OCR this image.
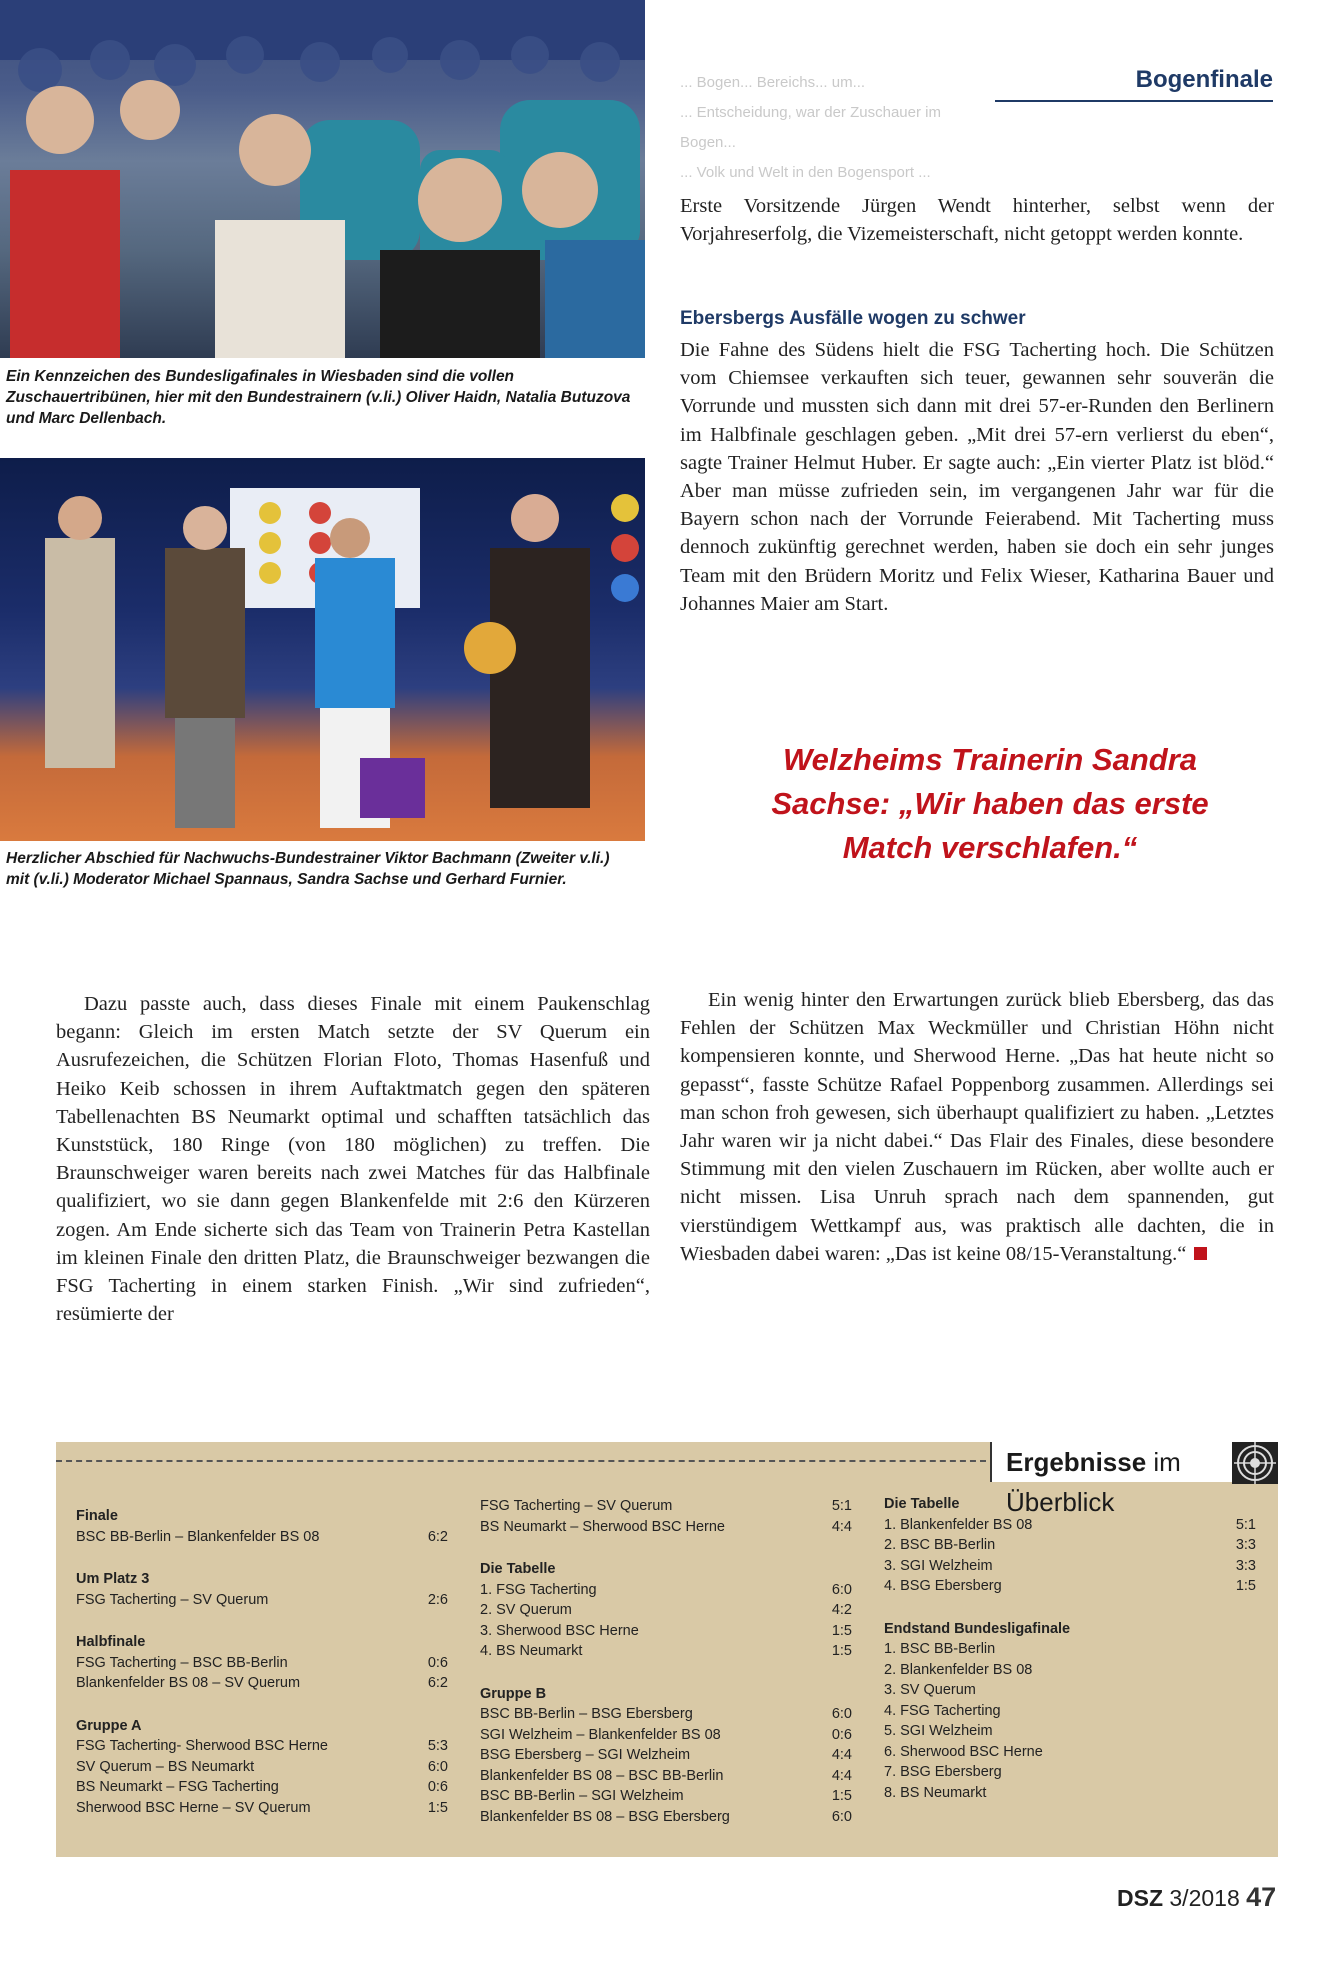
Ein Kennzeichen des Bundesligafinales in Wiesbaden sind die vollen Zuschauertribünen, hier mit den Bundestrainern (v.li.) Oliver Haidn, Natalia Butuzova und Marc Dellenbach.
Herzlicher Abschied für Nachwuchs-Bundestrainer Viktor Bachmann (Zweiter v.li.) mit (v.li.) Moderator Michael Spannaus, Sandra Sachse und Gerhard Furnier.
... Bogen... Bereichs... um...
... Entscheidung, war der Zuschauer im Bogen...
... Volk und Welt in den Bogensport ...
Bogenfinale

Erste Vorsitzende Jürgen Wendt hinterher, selbst wenn der Vorjahreserfolg, die Vizemeisterschaft, nicht getoppt werden konnte.

Ebersbergs Ausfälle wogen zu schwer

Die Fahne des Südens hielt die FSG Tacherting hoch. Die Schützen vom Chiemsee verkauften sich teuer, gewannen sehr souverän die Vorrunde und mussten sich dann mit drei 57-er-Runden den Berlinern im Halbfinale geschlagen geben. „Mit drei 57-ern verlierst du eben“, sagte Trainer Helmut Huber. Er sagte auch: „Ein vierter Platz ist blöd.“ Aber man müsse zufrieden sein, im vergangenen Jahr war für die Bayern schon nach der Vorrunde Feierabend. Mit Tacherting muss dennoch zukünftig gerechnet werden, haben sie doch ein sehr junges Team mit den Brüdern Moritz und Felix Wieser, Katharina Bauer und Johannes Maier am Start.

Welzheims Trainerin Sandra Sachse: „Wir haben das erste Match verschlafen.“

Dazu passte auch, dass dieses Finale mit einem Paukenschlag begann: Gleich im ersten Match setzte der SV Querum ein Ausrufezeichen, die Schützen Florian Floto, Thomas Hasenfuß und Heiko Keib schossen in ihrem Auftaktmatch gegen den späteren Tabellenachten BS Neumarkt optimal und schafften tatsächlich das Kunststück, 180 Ringe (von 180 möglichen) zu treffen. Die Braunschweiger waren bereits nach zwei Matches für das Halbfinale qualifiziert, wo sie dann gegen Blankenfelde mit 2:6 den Kürzeren zogen. Am Ende sicherte sich das Team von Trainerin Petra Kastellan im kleinen Finale den dritten Platz, die Braunschweiger bezwangen die FSG Tacherting in einem starken Finish. „Wir sind zufrieden“, resümierte der

Ein wenig hinter den Erwartungen zurück blieb Ebersberg, das das Fehlen der Schützen Max Weckmüller und Christian Höhn nicht kompensieren konnte, und Sherwood Herne. „Das hat heute nicht so gepasst“, fasste Schütze Rafael Poppenborg zusammen. Allerdings sei man schon froh gewesen, sich überhaupt qualifiziert zu haben. „Letztes Jahr waren wir ja nicht dabei.“ Das Flair des Finales, diese besondere Stimmung mit den vielen Zuschauern im Rücken, aber wollte auch er nicht missen. Lisa Unruh sprach nach dem spannenden, gut vierstündigem Wettkampf aus, was praktisch alle dachten, die in Wiesbaden dabei waren: „Das ist keine 08/15-Veranstaltung.“

Ergebnisse im Überblick
Finale
BSC BB-Berlin – Blankenfelder BS 08	6:2
Um Platz 3
FSG Tacherting – SV Querum	2:6
Halbfinale
FSG Tacherting – BSC BB-Berlin	0:6
Blankenfelder BS 08 – SV Querum	6:2
Gruppe A
FSG Tacherting- Sherwood BSC Herne	5:3
SV Querum – BS Neumarkt	6:0
BS Neumarkt – FSG Tacherting	0:6
Sherwood BSC Herne – SV Querum	1:5
FSG Tacherting – SV Querum	5:1
BS Neumarkt – Sherwood BSC Herne	4:4
Die Tabelle
1. FSG Tacherting	6:0
2. SV Querum	4:2
3. Sherwood BSC Herne	1:5
4. BS Neumarkt	1:5
Gruppe B
BSC BB-Berlin – BSG Ebersberg	6:0
SGI Welzheim – Blankenfelder BS 08	0:6
BSG Ebersberg – SGI Welzheim	4:4
Blankenfelder BS 08 – BSC BB-Berlin	4:4
BSC BB-Berlin – SGI Welzheim	1:5
Blankenfelder BS 08 – BSG Ebersberg	6:0
Die Tabelle
1. Blankenfelder BS 08	5:1
2. BSC BB-Berlin	3:3
3. SGI Welzheim	3:3
4. BSG Ebersberg	1:5
Endstand Bundesligafinale
1. BSC BB-Berlin
2. Blankenfelder BS 08
3. SV Querum
4. FSG Tacherting
5. SGI Welzheim
6. Sherwood BSC Herne
7. BSG Ebersberg
8. BS Neumarkt
DSZ 3/2018 47
